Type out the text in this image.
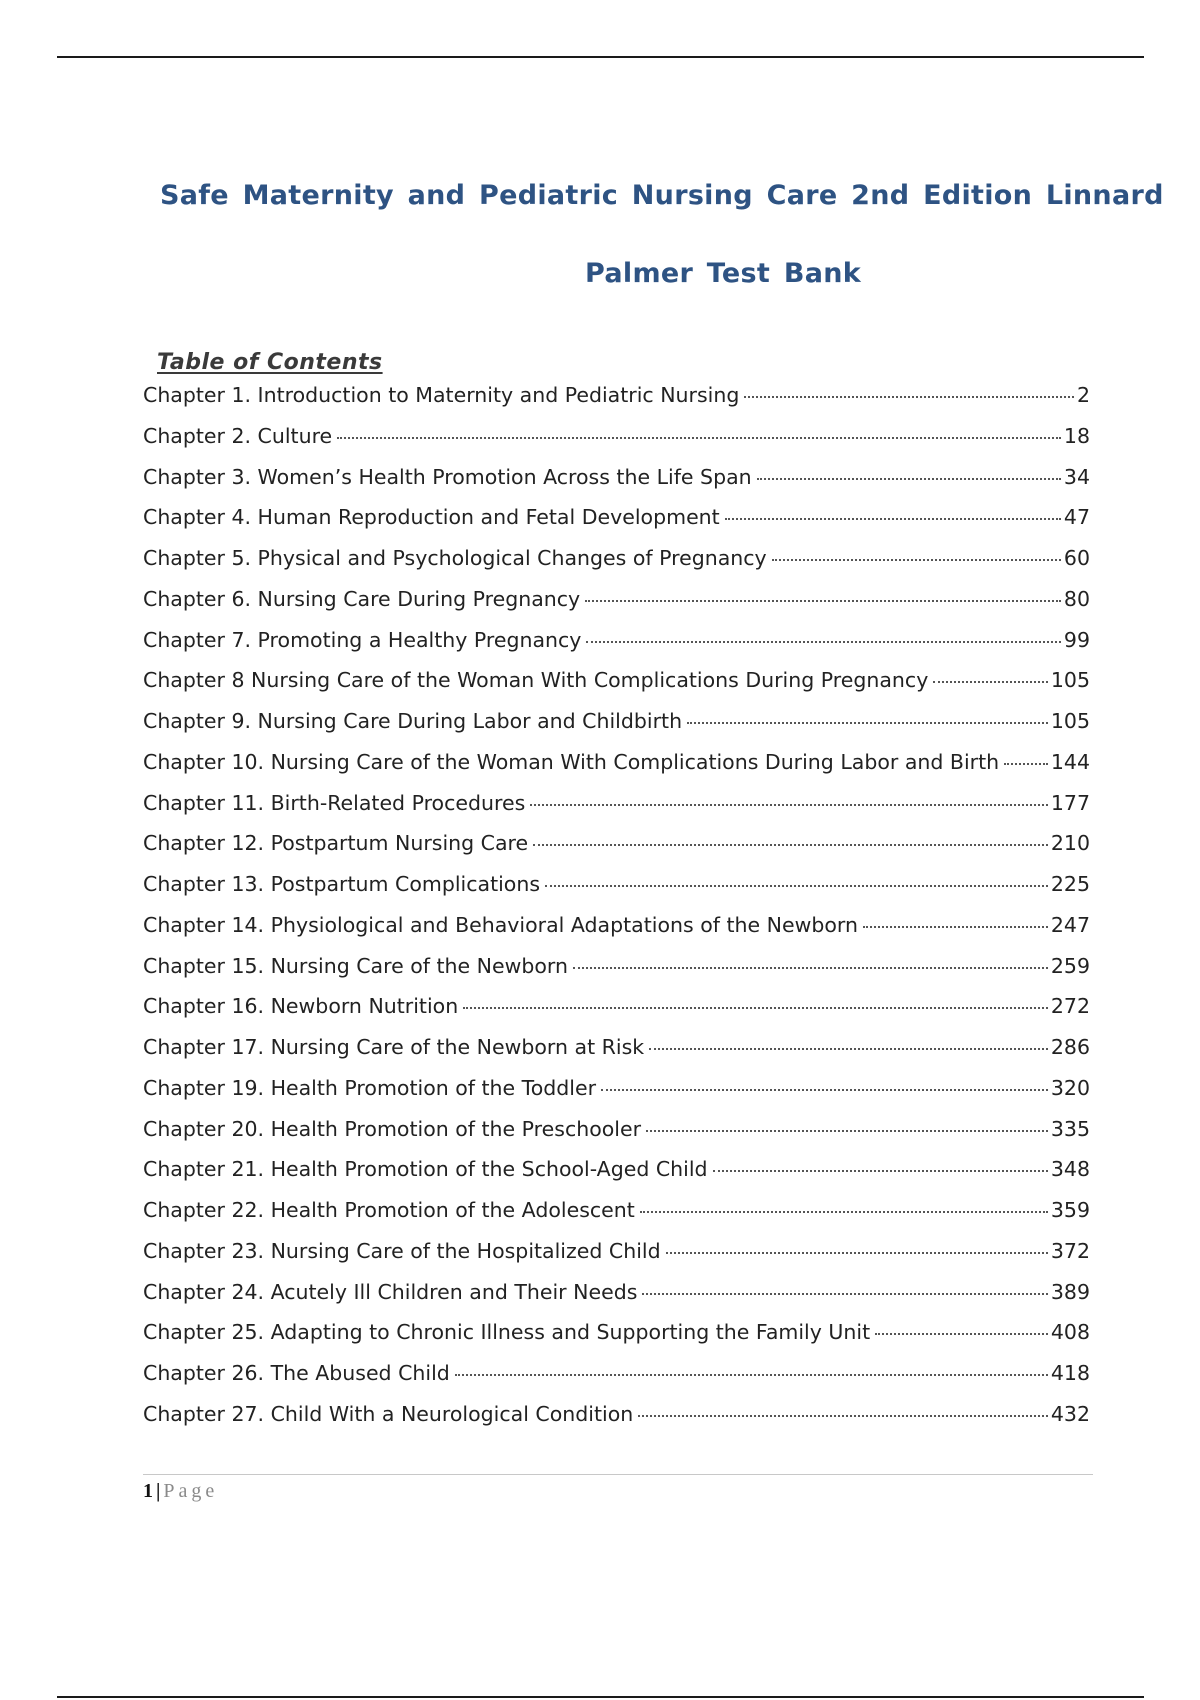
Safe Maternity and Pediatric Nursing Care 2nd Edition Linnard
Palmer Test Bank
Table of Contents
Chapter 1. Introduction to Maternity and Pediatric Nursing	2
Chapter 2. Culture	18
Chapter 3. Women’s Health Promotion Across the Life Span	34
Chapter 4. Human Reproduction and Fetal Development	47
Chapter 5. Physical and Psychological Changes of Pregnancy	60
Chapter 6. Nursing Care During Pregnancy	80
Chapter 7. Promoting a Healthy Pregnancy	99
Chapter 8 Nursing Care of the Woman With Complications During Pregnancy	105
Chapter 9. Nursing Care During Labor and Childbirth	105
Chapter 10. Nursing Care of the Woman With Complications During Labor and Birth	144
Chapter 11. Birth-Related Procedures	177
Chapter 12. Postpartum Nursing Care	210
Chapter 13. Postpartum Complications	225
Chapter 14. Physiological and Behavioral Adaptations of the Newborn	247
Chapter 15. Nursing Care of the Newborn	259
Chapter 16. Newborn Nutrition	272
Chapter 17. Nursing Care of the Newborn at Risk	286
Chapter 19. Health Promotion of the Toddler	320
Chapter 20. Health Promotion of the Preschooler	335
Chapter 21. Health Promotion of the School-Aged Child	348
Chapter 22. Health Promotion of the Adolescent	359
Chapter 23. Nursing Care of the Hospitalized Child	372
Chapter 24. Acutely Ill Children and Their Needs	389
Chapter 25. Adapting to Chronic Illness and Supporting the Family Unit	408
Chapter 26. The Abused Child	418
Chapter 27. Child With a Neurological Condition	432
1 | Page
